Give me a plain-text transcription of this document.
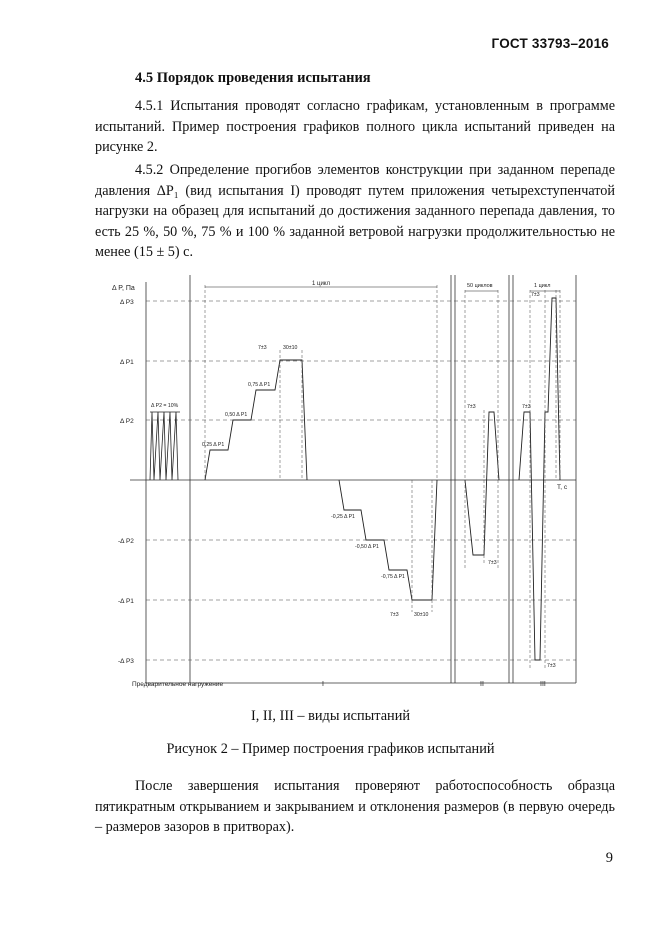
ГОСТ 33793–2016
4.5 Порядок проведения испытания
4.5.1 Испытания проводят согласно графикам, установленным в программе испытаний. Пример построения графиков полного цикла испытаний приведен на рисунке 2.
4.5.2 Определение прогибов элементов конструкции при заданном перепаде давления ΔP₁ (вид испытания I) проводят путем приложения четырехступенчатой нагрузки на образец для испытаний до достижения заданного перепада давления, то есть 25 %, 50 %, 75 % и 100 % заданной ветровой нагрузки продолжительностью не менее (15 ± 5) с.
Δ P, Па
Δ P3
Δ P1
Δ P2
-Δ P2
-Δ P1
-Δ P3
T, c
Δ P2 = 10%
1 цикл
0,25 Δ P1
0,50 Δ P1
0,75 Δ P1
7±3	30±10
-0,25 Δ P1
-0,50 Δ P1
-0,75 Δ P1
7±3	30±10
50 циклов
7±3
7±3
1 цикл
7±3
7±3
7±3
Предварительное нагружение	I	II	III
I, II, III – виды испытаний
Рисунок 2 – Пример построения графиков испытаний
После завершения испытания проверяют работоспособность образца пятикратным открыванием и закрыванием и отклонения размеров (в первую очередь – размеров зазоров в притворах).
9
